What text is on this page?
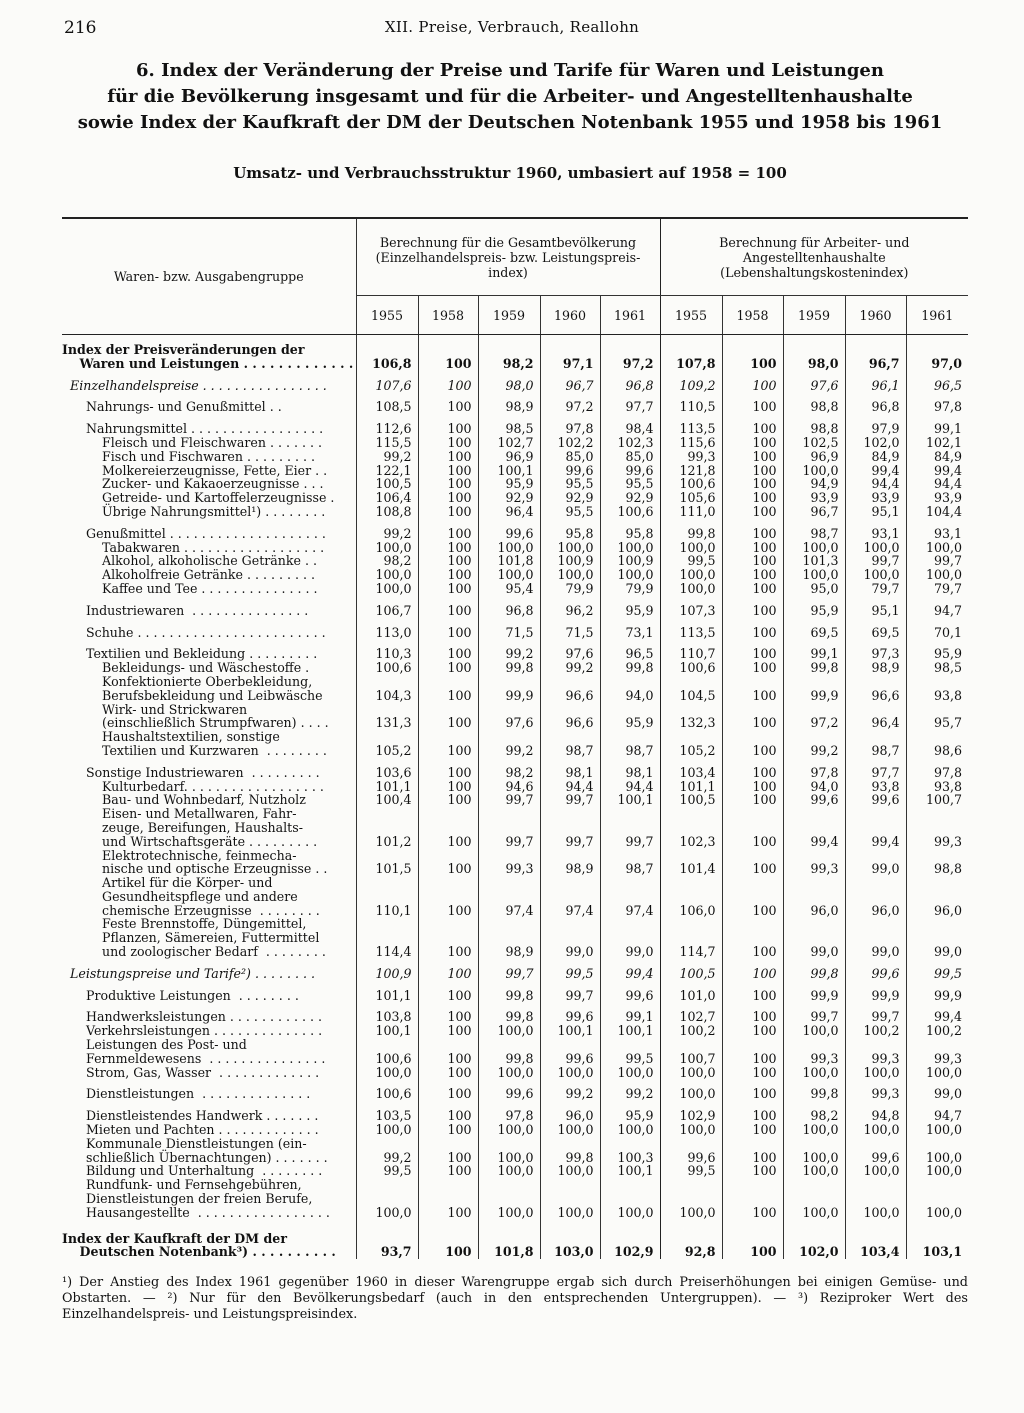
216	XII. Preise, Verbrauch, Reallohn
6. Index der Veränderung der Preise und Tarife für Waren und Leistungen
für die Bevölkerung insgesamt und für die Arbeiter- und Angestelltenhaushalte
sowie Index der Kaufkraft der DM der Deutschen Notenbank 1955 und 1958 bis 1961
Umsatz- und Verbrauchsstruktur 1960, umbasiert auf 1958 = 100
Waren- bzw. Ausgabengruppe	Berechnung für die Gesamtbevölkerung (Einzelhandelspreis- bzw. Leistungspreis- index)					Berechnung für Arbeiter- und Angestelltenhaushalte (Lebenshaltungskostenindex)				
	1955	1958	1959	1960	1961	1955	1958	1959	1960	1961
Index der Preisveränderungen der
Waren und Leistungen . . . . . . . . . . . . .	106,8	100	98,2	97,1	97,2	107,8	100	98,0	96,7	97,0
Einzelhandelspreise . . . . . . . . . . . . . . . .	107,6	100	98,0	96,7	96,8	109,2	100	97,6	96,1	96,5
Nahrungs- und Genußmittel . .	108,5	100	98,9	97,2	97,7	110,5	100	98,8	96,8	97,8
Nahrungsmittel . . . . . . . . . . . . . . . . .	112,6	100	98,5	97,8	98,4	113,5	100	98,8	97,9	99,1
Fleisch und Fleischwaren . . . . . . .	115,5	100	102,7	102,2	102,3	115,6	100	102,5	102,0	102,1
Fisch und Fischwaren . . . . . . . . .	99,2	100	96,9	85,0	85,0	99,3	100	96,9	84,9	84,9
Molkereierzeugnisse, Fette, Eier . .	122,1	100	100,1	99,6	99,6	121,8	100	100,0	99,4	99,4
Zucker- und Kakaoerzeugnisse . . .	100,5	100	95,9	95,5	95,5	100,6	100	94,9	94,4	94,4
Getreide- und Kartoffelerzeugnisse .	106,4	100	92,9	92,9	92,9	105,6	100	93,9	93,9	93,9
Übrige Nahrungsmittel¹) . . . . . . . .	108,8	100	96,4	95,5	100,6	111,0	100	96,7	95,1	104,4
Genußmittel . . . . . . . . . . . . . . . . . . . .	99,2	100	99,6	95,8	95,8	99,8	100	98,7	93,1	93,1
Tabakwaren . . . . . . . . . . . . . . . . . .	100,0	100	100,0	100,0	100,0	100,0	100	100,0	100,0	100,0
Alkohol, alkoholische Getränke . .	98,2	100	101,8	100,9	100,9	99,5	100	101,3	99,7	99,7
Alkoholfreie Getränke . . . . . . . . .	100,0	100	100,0	100,0	100,0	100,0	100	100,0	100,0	100,0
Kaffee und Tee . . . . . . . . . . . . . . .	100,0	100	95,4	79,9	79,9	100,0	100	95,0	79,7	79,7
Industriewaren  . . . . . . . . . . . . . . .	106,7	100	96,8	96,2	95,9	107,3	100	95,9	95,1	94,7
Schuhe . . . . . . . . . . . . . . . . . . . . . . . .	113,0	100	71,5	71,5	73,1	113,5	100	69,5	69,5	70,1
Textilien und Bekleidung . . . . . . . . .	110,3	100	99,2	97,6	96,5	110,7	100	99,1	97,3	95,9
Bekleidungs- und Wäschestoffe .	100,6	100	99,8	99,2	99,8	100,6	100	99,8	98,9	98,5
Konfektionierte Oberbekleidung,
Berufsbekleidung und Leibwäsche	104,3	100	99,9	96,6	94,0	104,5	100	99,9	96,6	93,8
Wirk- und Strickwaren
(einschließlich Strumpfwaren) . . . .	131,3	100	97,6	96,6	95,9	132,3	100	97,2	96,4	95,7
Haushaltstextilien, sonstige
Textilien und Kurzwaren  . . . . . . . .	105,2	100	99,2	98,7	98,7	105,2	100	99,2	98,7	98,6
Sonstige Industriewaren  . . . . . . . . .	103,6	100	98,2	98,1	98,1	103,4	100	97,8	97,7	97,8
Kulturbedarf. . . . . . . . . . . . . . . . . .	101,1	100	94,6	94,4	94,4	101,1	100	94,0	93,8	93,8
Bau- und Wohnbedarf, Nutzholz	100,4	100	99,7	99,7	100,1	100,5	100	99,6	99,6	100,7
Eisen- und Metallwaren, Fahr-
zeuge, Bereifungen, Haushalts-
und Wirtschaftsgeräte . . . . . . . . .	101,2	100	99,7	99,7	99,7	102,3	100	99,4	99,4	99,3
Elektrotechnische, feinmecha-
nische und optische Erzeugnisse . .	101,5	100	99,3	98,9	98,7	101,4	100	99,3	99,0	98,8
Artikel für die Körper- und
Gesundheitspflege und andere
chemische Erzeugnisse  . . . . . . . .	110,1	100	97,4	97,4	97,4	106,0	100	96,0	96,0	96,0
Feste Brennstoffe, Düngemittel,
Pflanzen, Sämereien, Futtermittel
und zoologischer Bedarf  . . . . . . . .	114,4	100	98,9	99,0	99,0	114,7	100	99,0	99,0	99,0
Leistungspreise und Tarife²) . . . . . . . .	100,9	100	99,7	99,5	99,4	100,5	100	99,8	99,6	99,5
Produktive Leistungen  . . . . . . . .	101,1	100	99,8	99,7	99,6	101,0	100	99,9	99,9	99,9
Handwerksleistungen . . . . . . . . . . . .	103,8	100	99,8	99,6	99,1	102,7	100	99,7	99,7	99,4
Verkehrsleistungen . . . . . . . . . . . . . .	100,1	100	100,0	100,1	100,1	100,2	100	100,0	100,2	100,2
Leistungen des Post- und
Fernmeldewesens  . . . . . . . . . . . . . . .	100,6	100	99,8	99,6	99,5	100,7	100	99,3	99,3	99,3
Strom, Gas, Wasser  . . . . . . . . . . . . .	100,0	100	100,0	100,0	100,0	100,0	100	100,0	100,0	100,0
Dienstleistungen  . . . . . . . . . . . . . .	100,6	100	99,6	99,2	99,2	100,0	100	99,8	99,3	99,0
Dienstleistendes Handwerk . . . . . . .	103,5	100	97,8	96,0	95,9	102,9	100	98,2	94,8	94,7
Mieten und Pachten . . . . . . . . . . . . .	100,0	100	100,0	100,0	100,0	100,0	100	100,0	100,0	100,0
Kommunale Dienstleistungen (ein-
schließlich Übernachtungen) . . . . . . .	99,2	100	100,0	99,8	100,3	99,6	100	100,0	99,6	100,0
Bildung und Unterhaltung  . . . . . . . .	99,5	100	100,0	100,0	100,1	99,5	100	100,0	100,0	100,0
Rundfunk- und Fernsehgebühren,
Dienstleistungen der freien Berufe,
Hausangestellte  . . . . . . . . . . . . . . . . .	100,0	100	100,0	100,0	100,0	100,0	100	100,0	100,0	100,0
Index der Kaufkraft der DM der
Deutschen Notenbank³) . . . . . . . . . .	93,7	100	101,8	103,0	102,9	92,8	100	102,0	103,4	103,1
¹) Der Anstieg des Index 1961 gegenüber 1960 in dieser Warengruppe ergab sich durch Preiserhöhungen bei einigen Gemüse- und Obstarten. — ²) Nur für den Bevölkerungsbedarf (auch in den entsprechenden Untergruppen). — ³) Reziproker Wert des Einzelhandelspreis- und Leistungspreisindex.
